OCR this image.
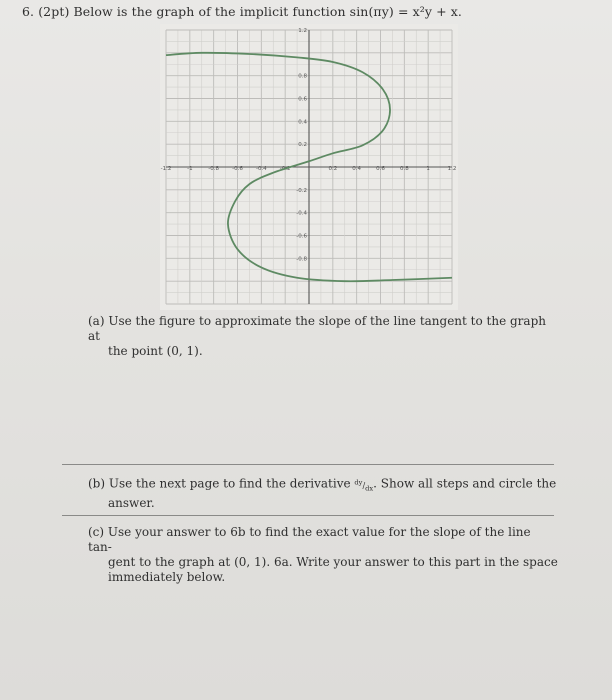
6. (2pt) Below is the graph of the implicit function sin(πy) = x²y + x.
-1.2	-1	-0.8 -0.6 -0.4 -0.2	0.2	0.4	0.6	0.8	1	1.2
1.2
0.8
0.6
0.4
0.2
-0.2
-0.4
-0.6
-0.8
(a) Use the figure to approximate the slope of the line tangent to the graph at
the point (0, 1).
(b) Use the next page to find the derivative $^{dy}/_{dx}$. Show all steps and circle the
answer.
(c) Use your answer to 6b to find the exact value for the slope of the line tan-
gent to the graph at (0, 1). 6a. Write your answer to this part in the space
immediately below.
